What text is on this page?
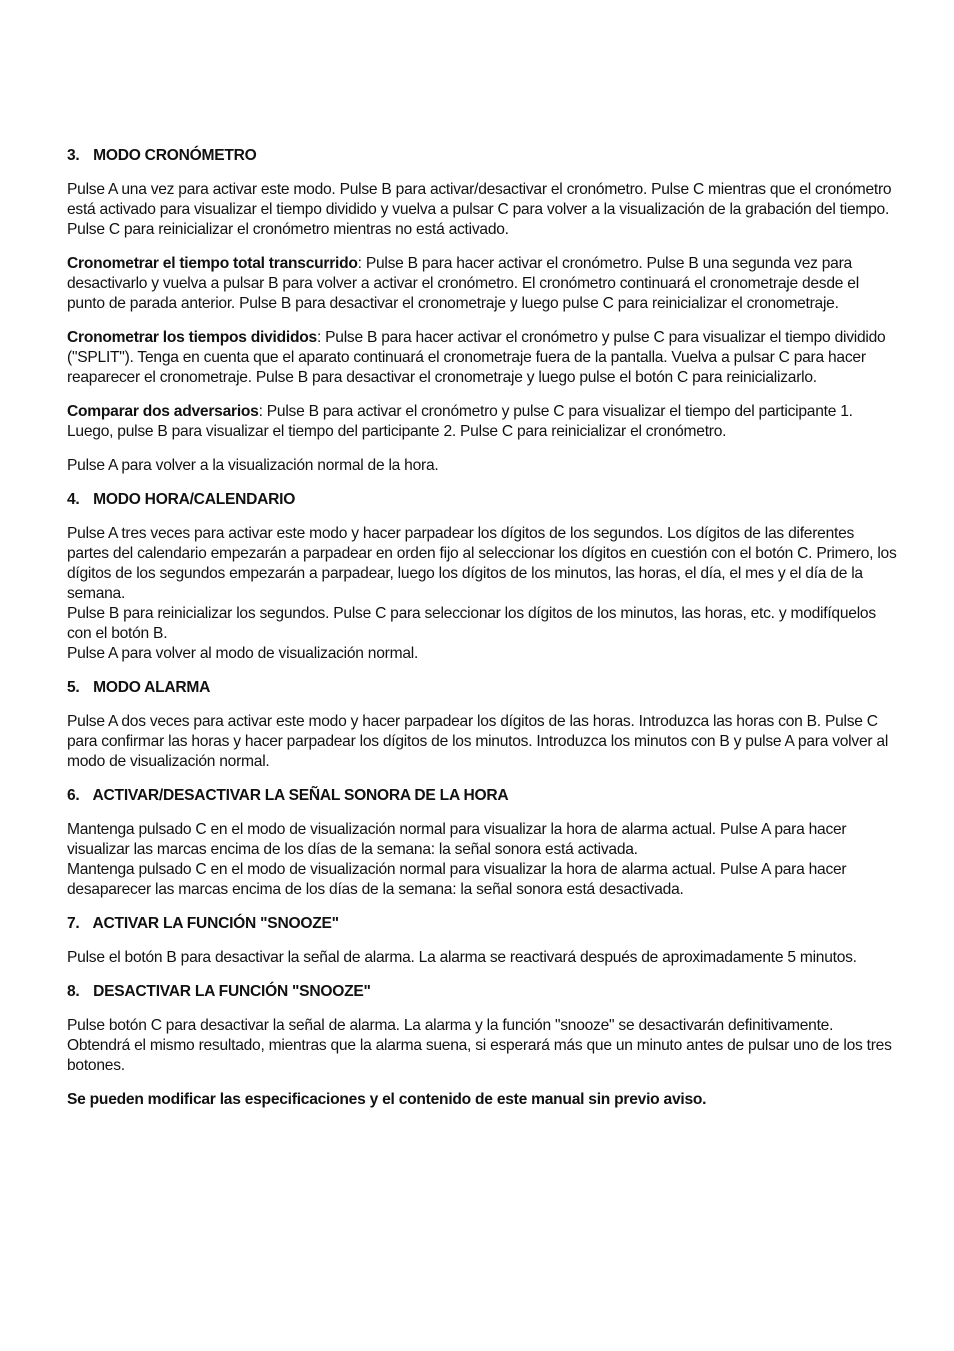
3. MODO CRONÓMETRO

Pulse A una vez para activar este modo. Pulse B para activar/desactivar el cronómetro. Pulse C mientras que el cronómetro está activado para visualizar el tiempo dividido y vuelva a pulsar C para volver a la visualización de la grabación del tiempo. Pulse C para reinicializar el cronómetro mientras no está activado.

Cronometrar el tiempo total transcurrido: Pulse B para hacer activar el cronómetro. Pulse B una segunda vez para desactivarlo y vuelva a pulsar B para volver a activar el cronómetro. El cronómetro continuará el cronometraje desde el punto de parada anterior. Pulse B para desactivar el cronometraje y luego pulse C para reinicializar el cronometraje.

Cronometrar los tiempos divididos: Pulse B para hacer activar el cronómetro y pulse C para visualizar el tiempo dividido ("SPLIT"). Tenga en cuenta que el aparato continuará el cronometraje fuera de la pantalla. Vuelva a pulsar C para hacer reaparecer el cronometraje. Pulse B para desactivar el cronometraje y luego pulse el botón C para reinicializarlo.

Comparar dos adversarios: Pulse B para activar el cronómetro y pulse C para visualizar el tiempo del participante 1. Luego, pulse B para visualizar el tiempo del participante 2. Pulse C para reinicializar el cronómetro.

Pulse A para volver a la visualización normal de la hora.

4. MODO HORA/CALENDARIO

Pulse A tres veces para activar este modo y hacer parpadear los dígitos de los segundos. Los dígitos de las diferentes partes del calendario empezarán a parpadear en orden fijo al seleccionar los dígitos en cuestión con el botón C. Primero, los dígitos de los segundos empezarán a parpadear, luego los dígitos de los minutos, las horas, el día, el mes y el día de la semana.
Pulse B para reinicializar los segundos. Pulse C para seleccionar los dígitos de los minutos, las horas, etc. y modifíquelos con el botón B.
Pulse A para volver al modo de visualización normal.

5. MODO ALARMA

Pulse A dos veces para activar este modo y hacer parpadear los dígitos de las horas. Introduzca las horas con B. Pulse C para confirmar las horas y hacer parpadear los dígitos de los minutos. Introduzca los minutos con B y pulse A para volver al modo de visualización normal.

6. ACTIVAR/DESACTIVAR LA SEÑAL SONORA DE LA HORA

Mantenga pulsado C en el modo de visualización normal para visualizar la hora de alarma actual. Pulse A para hacer visualizar las marcas encima de los días de la semana: la señal sonora está activada.
Mantenga pulsado C en el modo de visualización normal para visualizar la hora de alarma actual. Pulse A para hacer desaparecer las marcas encima de los días de la semana: la señal sonora está desactivada.

7. ACTIVAR LA FUNCIÓN "SNOOZE"

Pulse el botón B para desactivar la señal de alarma. La alarma se reactivará después de aproximadamente 5 minutos.

8. DESACTIVAR LA FUNCIÓN "SNOOZE"

Pulse botón C para desactivar la señal de alarma. La alarma y la función "snooze" se desactivarán definitivamente. Obtendrá el mismo resultado, mientras que la alarma suena, si esperará más que un minuto antes de pulsar uno de los tres botones.

Se pueden modificar las especificaciones y el contenido de este manual sin previo aviso.
